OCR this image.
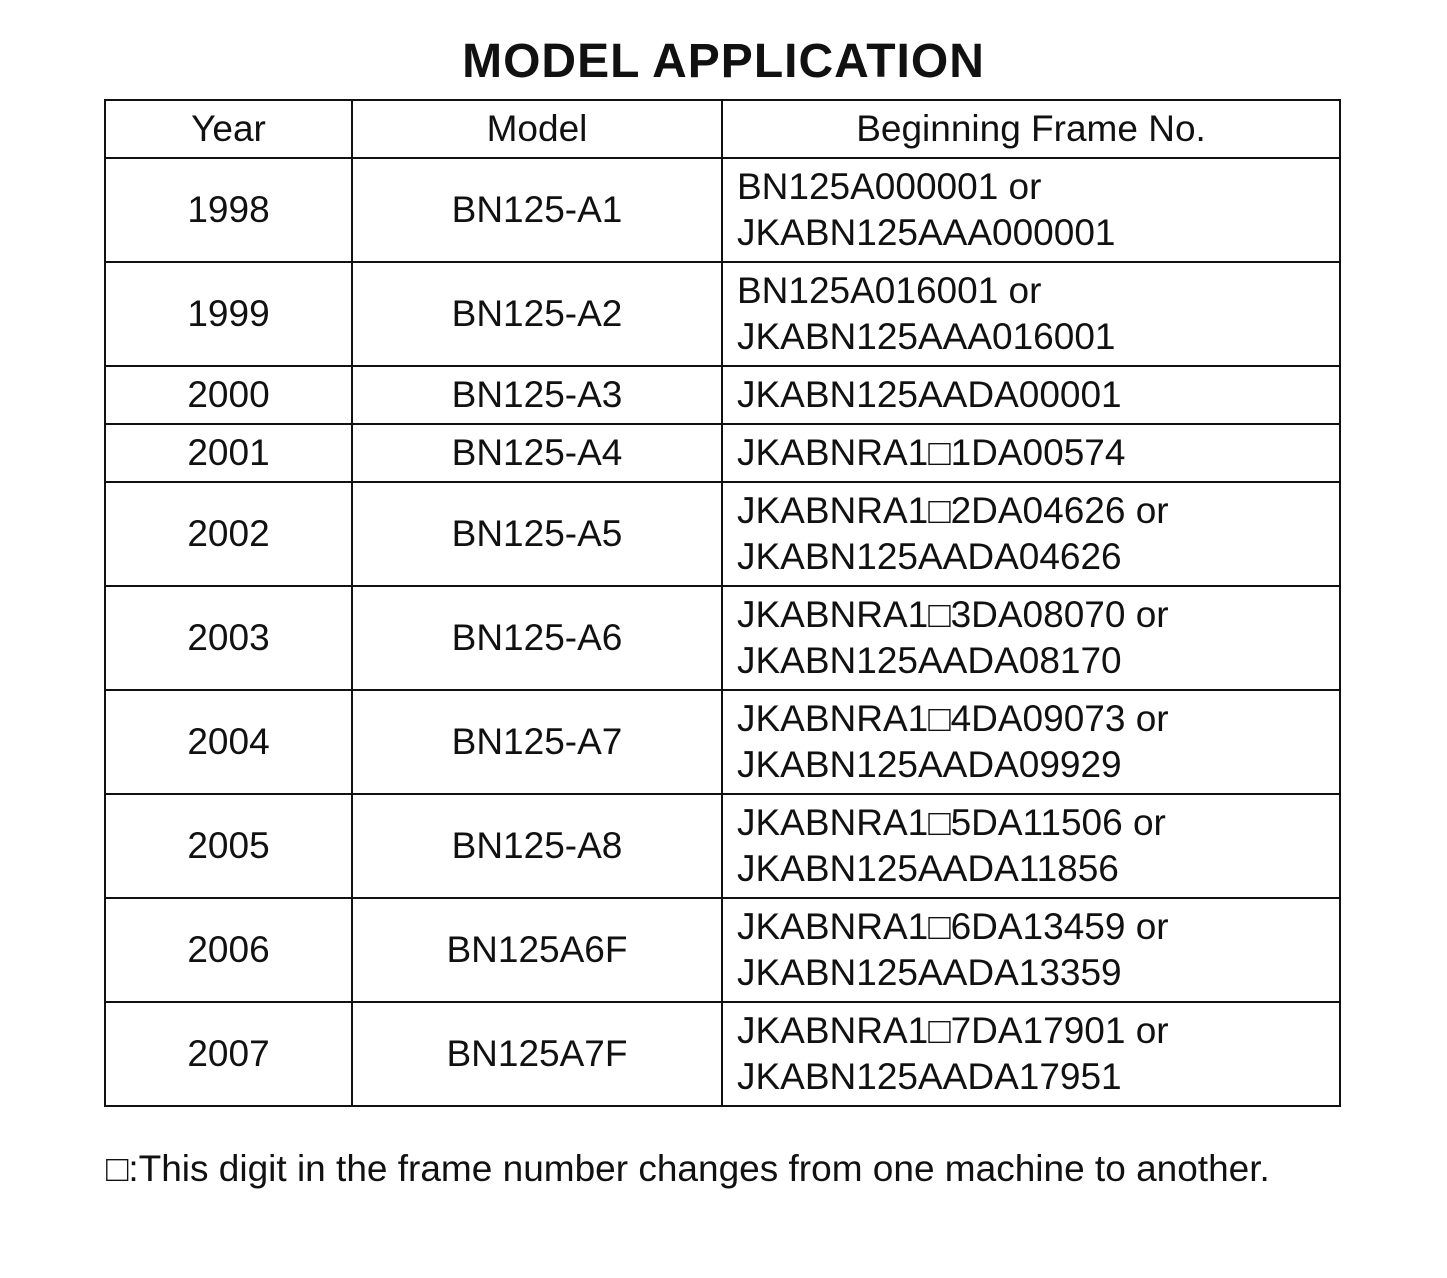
MODEL APPLICATION
Year	Model	Beginning Frame No.
1998	BN125-A1	BN125A000001 or
JKABN125AAA000001

1999	BN125-A2	BN125A016001 or
JKABN125AAA016001

2000	BN125-A3	JKABN125AADA00001

2001	BN125-A4	JKABNRA1□1DA00574

2002	BN125-A5	JKABNRA1□2DA04626 or
JKABN125AADA04626

2003	BN125-A6	JKABNRA1□3DA08070 or
JKABN125AADA08170

2004	BN125-A7	JKABNRA1□4DA09073 or
JKABN125AADA09929

2005	BN125-A8	JKABNRA1□5DA11506 or
JKABN125AADA11856

2006	BN125A6F	JKABNRA1□6DA13459 or
JKABN125AADA13359

2007	BN125A7F	JKABNRA1□7DA17901 or
JKABN125AADA17951
□:This digit in the frame number changes from one machine to another.
